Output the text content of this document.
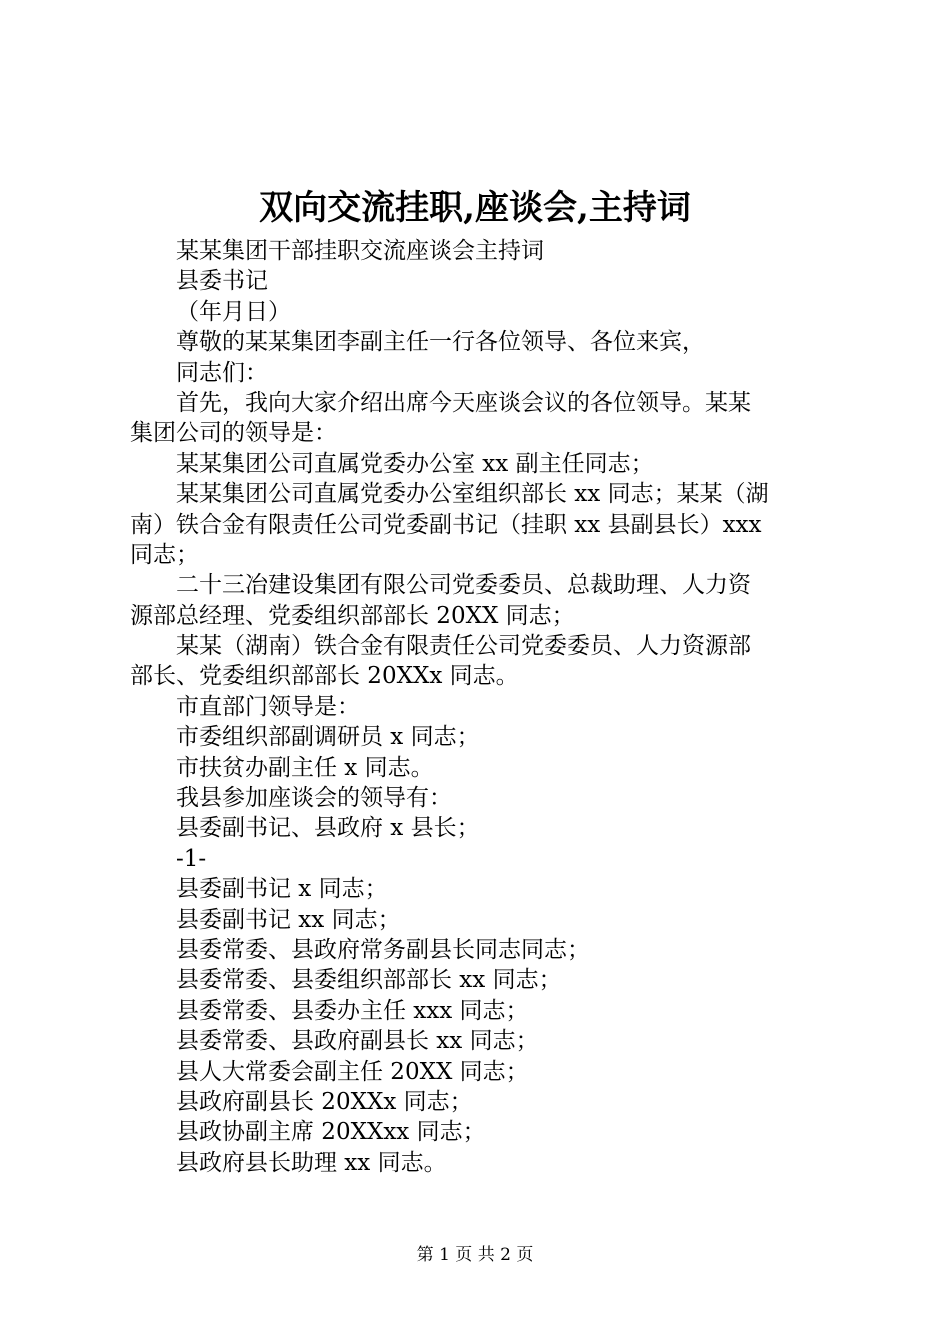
双向交流挂职,座谈会,主持词
某某集团干部挂职交流座谈会主持词
县委书记
（年月日）
尊敬的某某集团李副主任一行各位领导、各位来宾，
同志们：
首先，我向大家介绍出席今天座谈会议的各位领导。某某
集团公司的领导是：
某某集团公司直属党委办公室 xx 副主任同志；
某某集团公司直属党委办公室组织部长 xx 同志；某某（湖
南）铁合金有限责任公司党委副书记（挂职 xx 县副县长）xxx
同志；
二十三冶建设集团有限公司党委委员、总裁助理、人力资
源部总经理、党委组织部部长 20XX 同志；
某某（湖南）铁合金有限责任公司党委委员、人力资源部
部长、党委组织部部长 20XXx 同志。
市直部门领导是：
市委组织部副调研员 x 同志；
市扶贫办副主任 x 同志。
我县参加座谈会的领导有：
县委副书记、县政府 x 县长；
-1-
县委副书记 x 同志；
县委副书记 xx 同志；
县委常委、县政府常务副县长同志同志；
县委常委、县委组织部部长 xx 同志；
县委常委、县委办主任 xxx 同志；
县委常委、县政府副县长 xx 同志；
县人大常委会副主任 20XX 同志；
县政府副县长 20XXx 同志；
县政协副主席 20XXxx 同志；
县政府县长助理 xx 同志。
第 1 页 共 2 页
